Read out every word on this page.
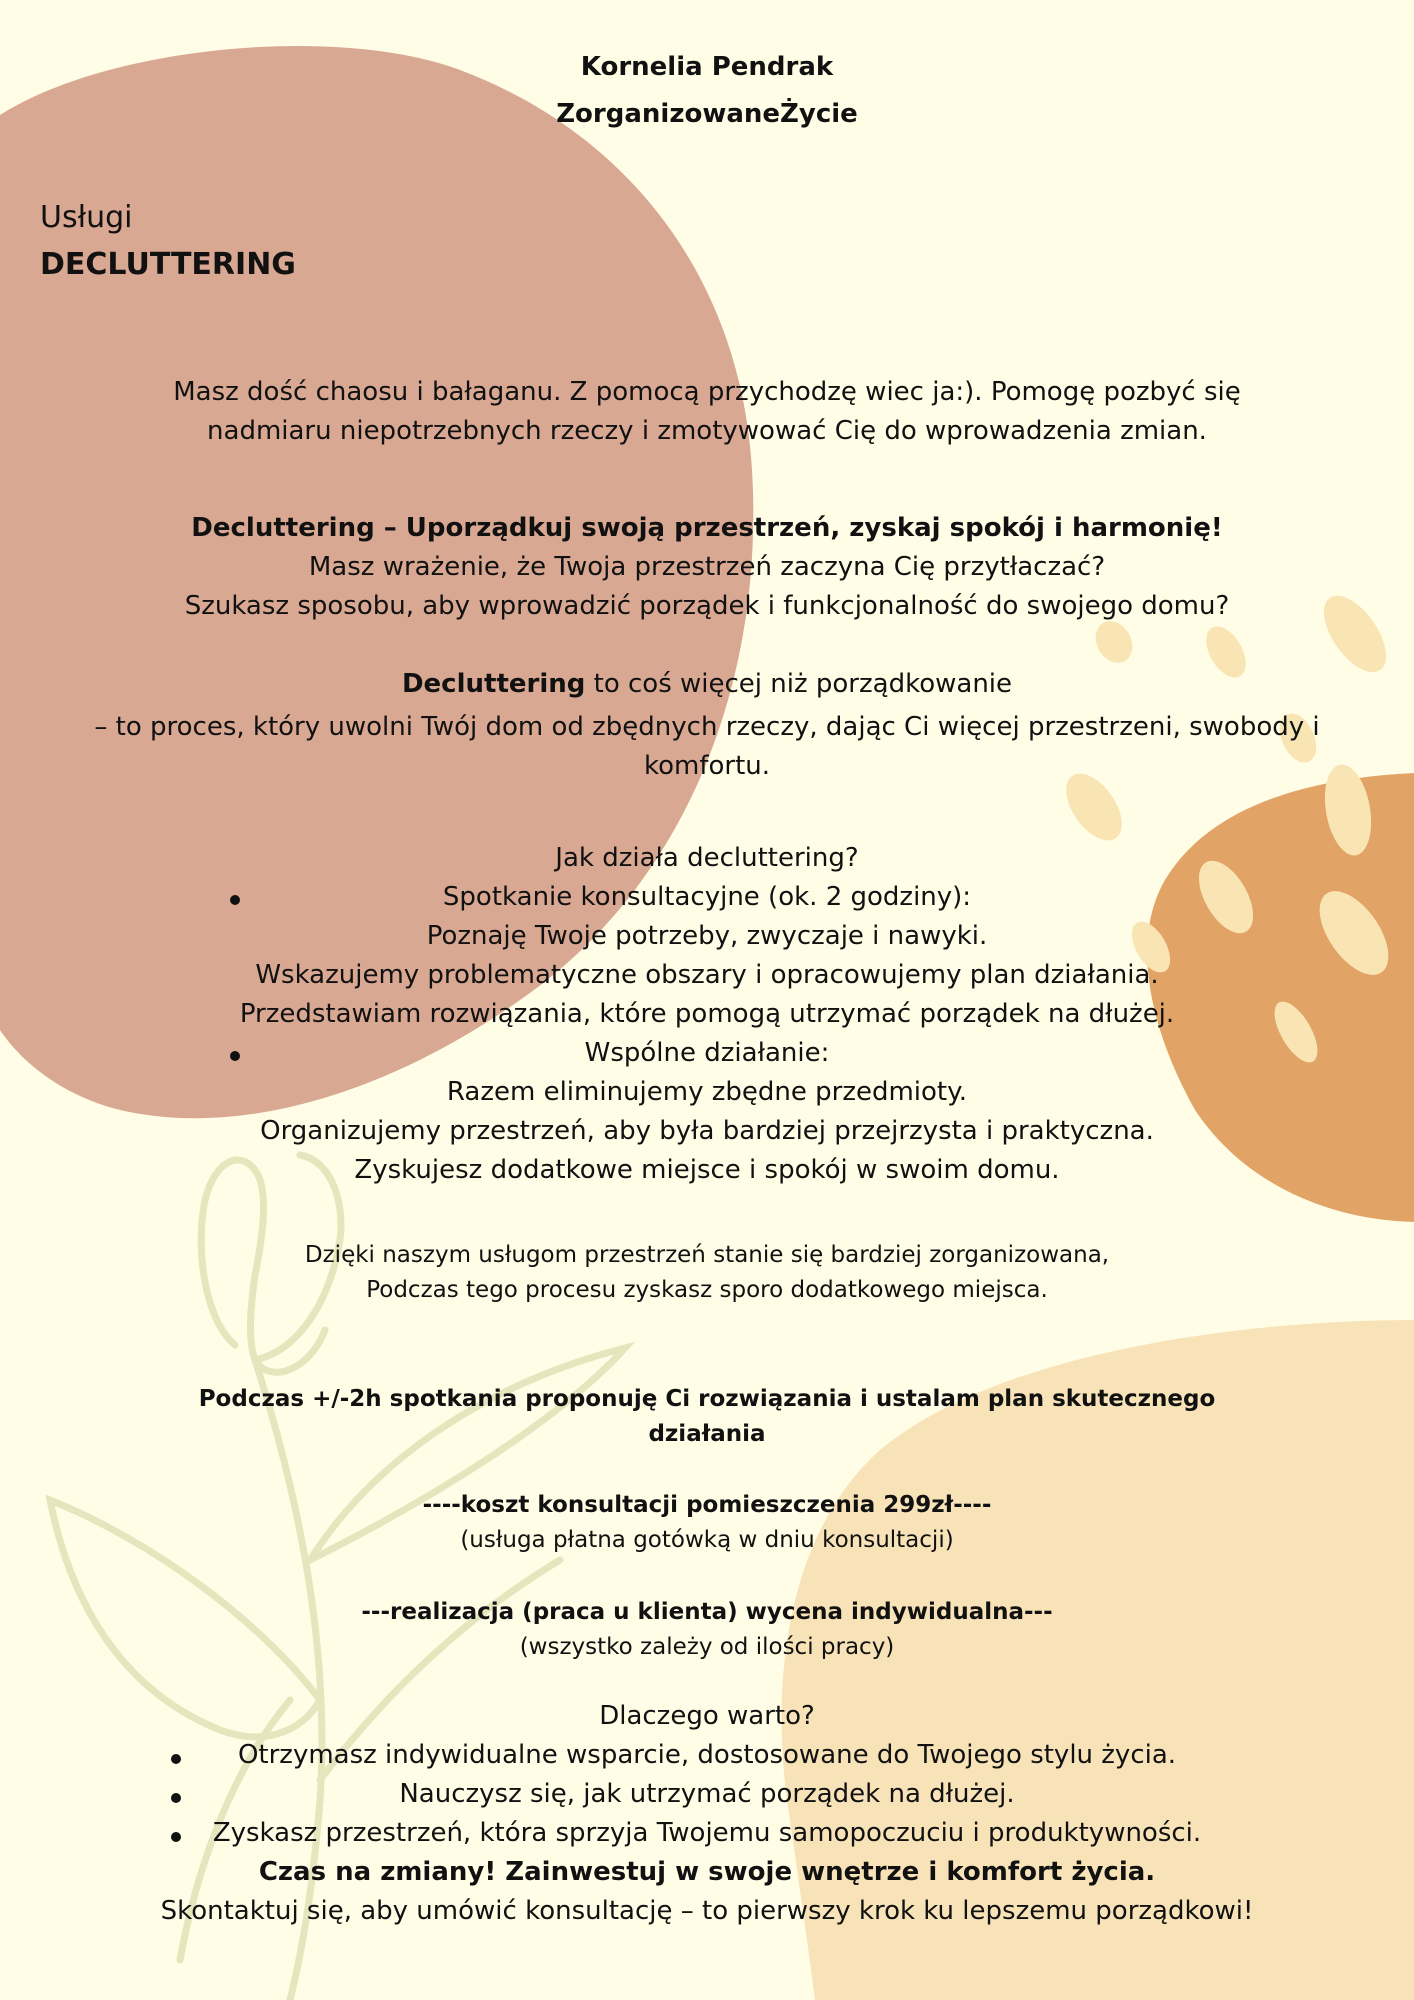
Kornelia Pendrak
ZorganizowaneŻycie
Usługi
DECLUTTERING
Masz dość chaosu i bałaganu. Z pomocą przychodzę wiec ja:). Pomogę pozbyć się
nadmiaru niepotrzebnych rzeczy i zmotywować Cię do wprowadzenia zmian.
Decluttering – Uporządkuj swoją przestrzeń, zyskaj spokój i harmonię!
Masz wrażenie, że Twoja przestrzeń zaczyna Cię przytłaczać?
Szukasz sposobu, aby wprowadzić porządek i funkcjonalność do swojego domu?
Decluttering to coś więcej niż porządkowanie
– to proces, który uwolni Twój dom od zbędnych rzeczy, dając Ci więcej przestrzeni, swobody i komfortu.
Jak działa decluttering?
Spotkanie konsultacyjne (ok. 2 godziny):
Poznaję Twoje potrzeby, zwyczaje i nawyki.
Wskazujemy problematyczne obszary i opracowujemy plan działania.
Przedstawiam rozwiązania, które pomogą utrzymać porządek na dłużej.
Wspólne działanie:
Razem eliminujemy zbędne przedmioty.
Organizujemy przestrzeń, aby była bardziej przejrzysta i praktyczna.
Zyskujesz dodatkowe miejsce i spokój w swoim domu.
Dzięki naszym usługom przestrzeń stanie się bardziej zorganizowana,
Podczas tego procesu zyskasz sporo dodatkowego miejsca.
Podczas +/-2h spotkania proponuję Ci rozwiązania i ustalam plan skutecznego
działania
----koszt konsultacji pomieszczenia 299zł----
(usługa płatna gotówką w dniu konsultacji)
---realizacja (praca u klienta) wycena indywidualna---
(wszystko zależy od ilości pracy)
Dlaczego warto?
Otrzymasz indywidualne wsparcie, dostosowane do Twojego stylu życia.
Nauczysz się, jak utrzymać porządek na dłużej.
Zyskasz przestrzeń, która sprzyja Twojemu samopoczuciu i produktywności.
Czas na zmiany! Zainwestuj w swoje wnętrze i komfort życia.
Skontaktuj się, aby umówić konsultację – to pierwszy krok ku lepszemu porządkowi!
